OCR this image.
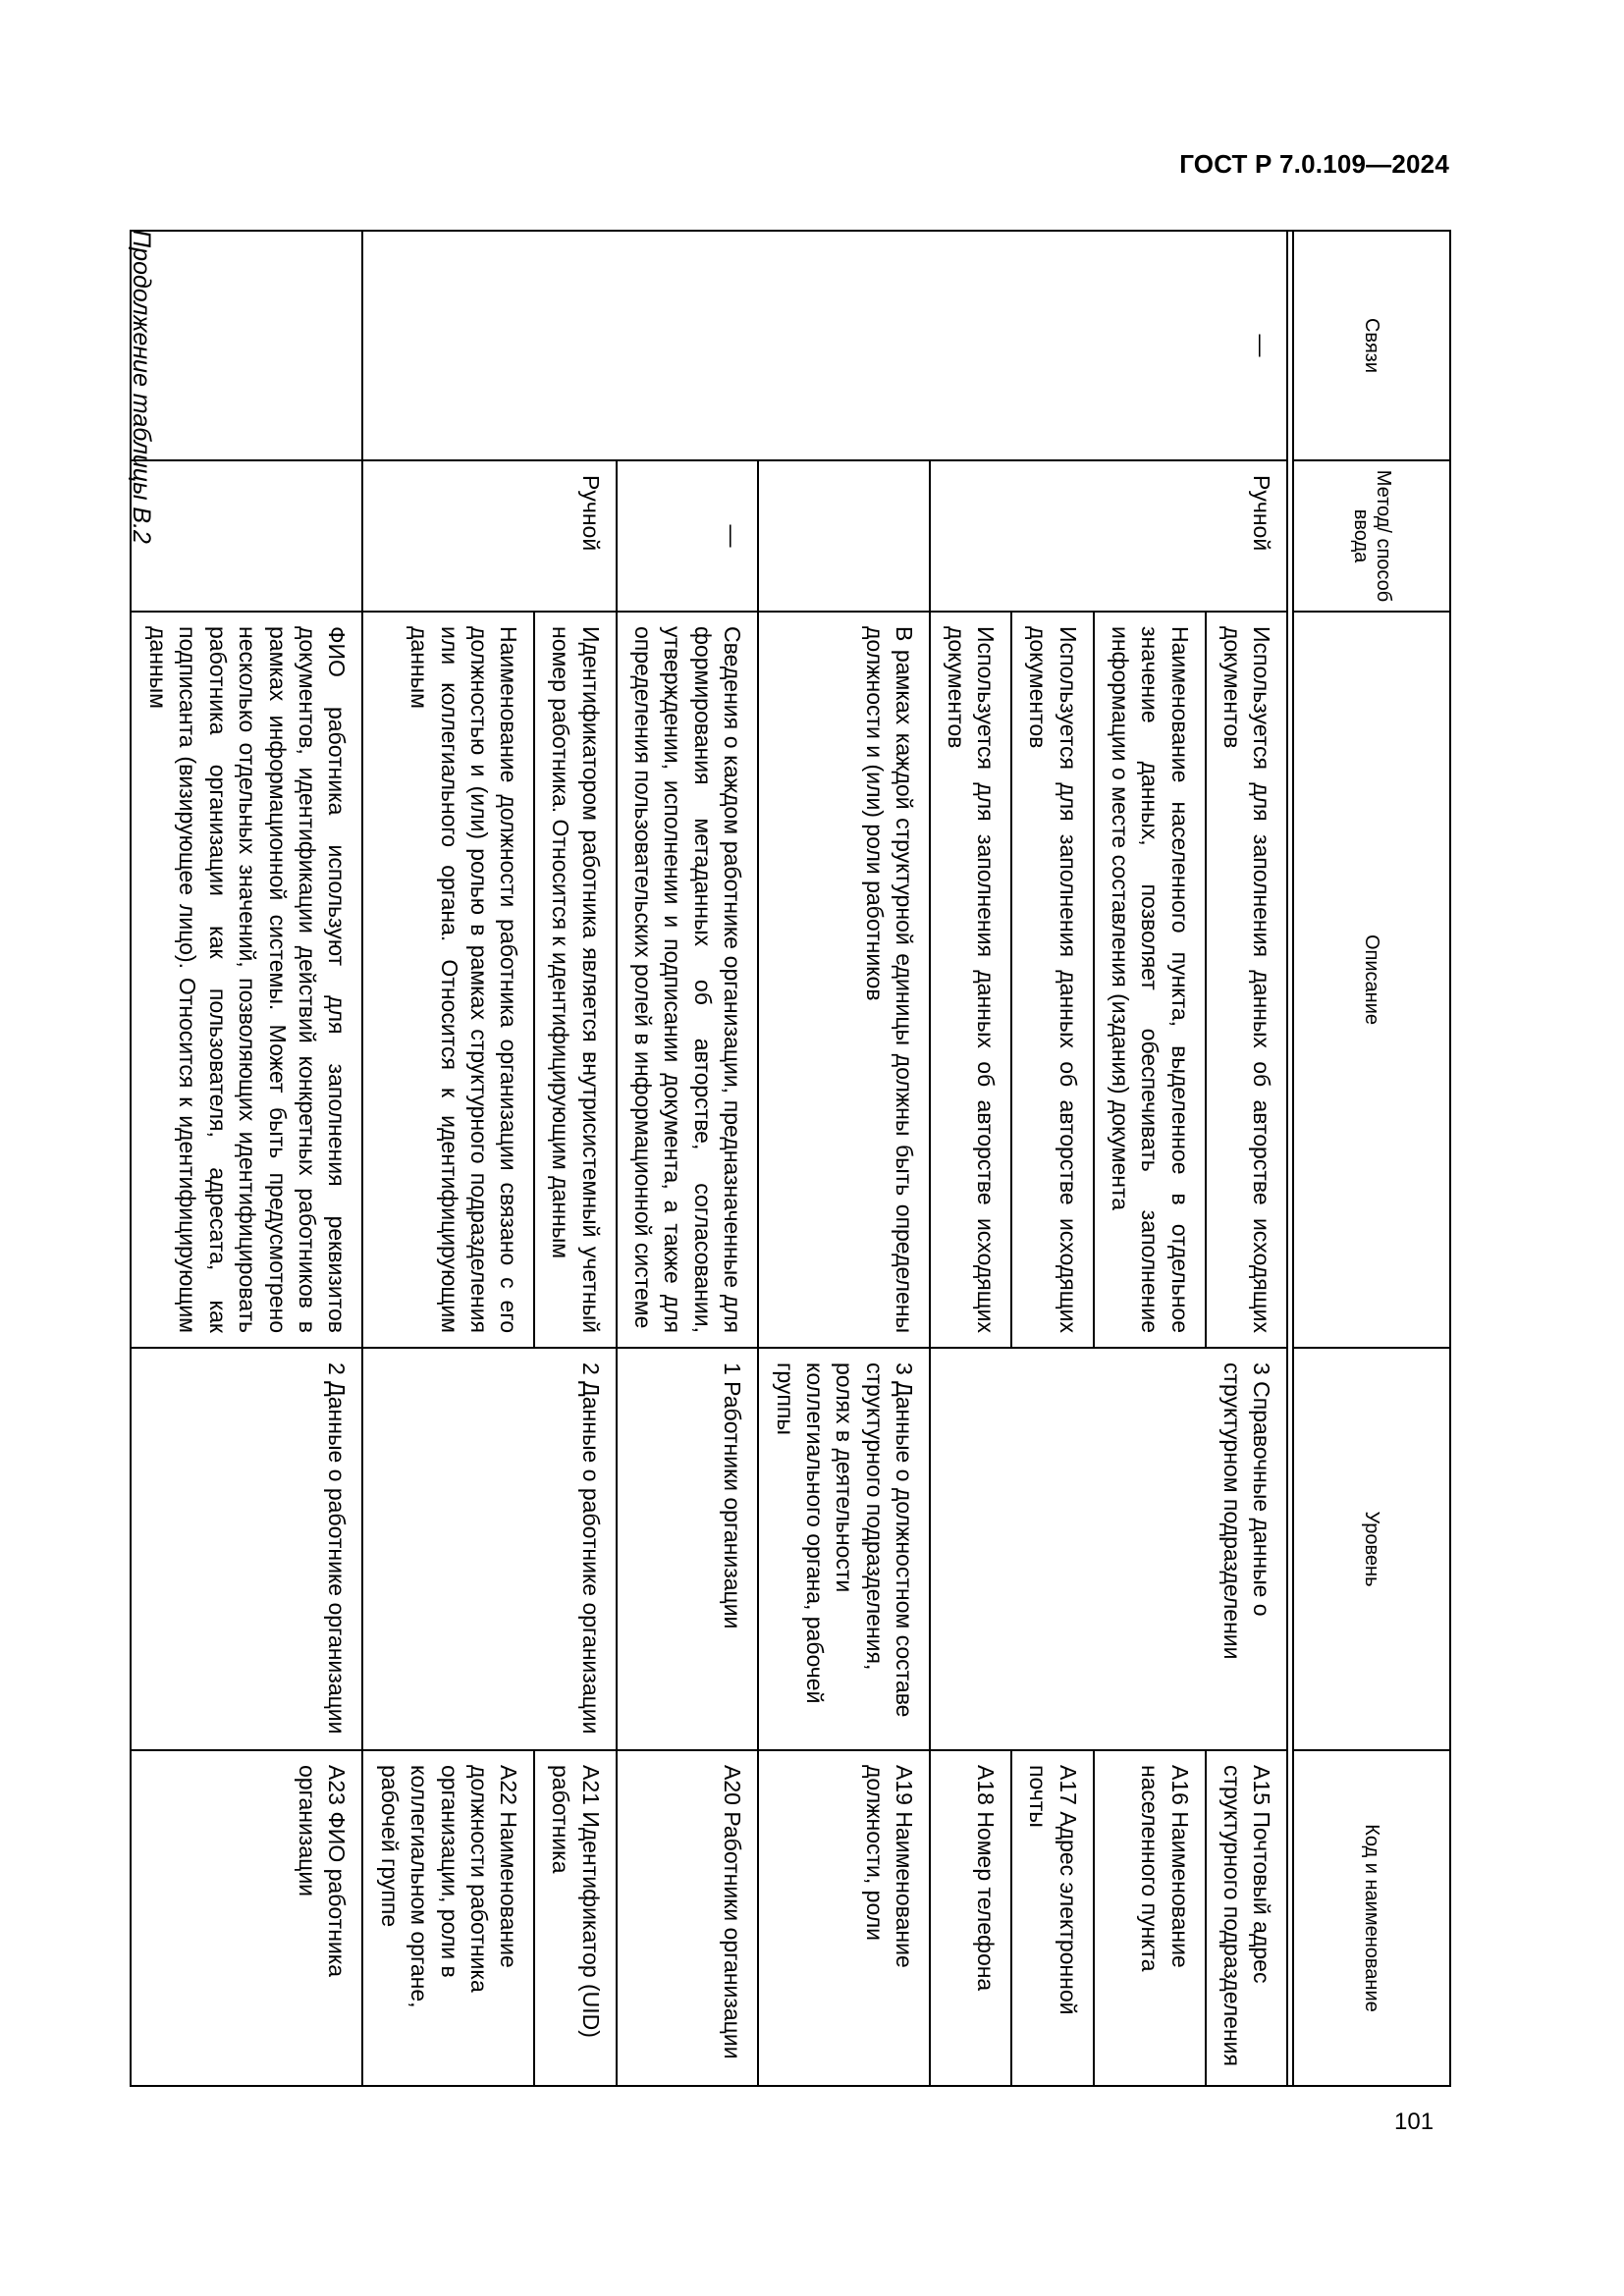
ГОСТ Р 7.0.109—2024
Продолжение таблицы В.2	Связи	Метод/ способ ввода	Описание	Уровень	Код и наименование

—	Ручной	Используется для заполнения данных об авторстве исходящих документов	3 Справочные данные о структурном подразделении	А15 Почтовый адрес структурного подразделения
		Наименование населенного пункта, выделенное в отдельное значение данных, позволяет обеспечивать заполнение информации о месте составления (издания) документа		А16 Наименование населенного пункта
		Используется для заполнения данных об авторстве исходящих документов		А17 Адрес электронной почты
		Используется для заполнения данных об авторстве исходящих документов		А18 Номер телефона
		В рамках каждой структурной единицы должны быть определены должности и (или) роли работников	3 Данные о должностном составе структурного подразделения, ролях в деятельности коллегиального органа, рабочей группы	А19 Наименование должности, роли
	—	Сведения о каждом работнике организации, предназначенные для формирования метаданных об авторстве, согласовании, утверждении, исполнении и подписании документа, а также для определения пользовательских ролей в информационной системе	1 Работники организации	А20 Работники организации
	Ручной	Идентификатором работника является внутрисистемный учетный номер работника. Относится к идентифицирующим данным	2 Данные о работнике организации	А21 Идентификатор (UID) работника
		Наименование должности работника организации связано с его должностью и (или) ролью в рамках структурного подразделения или коллегиального органа. Относится к идентифицирующим данным		А22 Наименование должности работника организации, роли в коллегиальном органе, рабочей группе
		ФИО работника используют для заполнения реквизитов документов, идентификации действий конкретных работников в рамках информационной системы. Может быть предусмотрено несколько отдельных значений, позволяющих идентифицировать работника организации как пользователя, адресата, как подписанта (визирующее лицо). Относится к идентифицирующим данным	2 Данные о работнике организации	А23 ФИО работника организации
101
